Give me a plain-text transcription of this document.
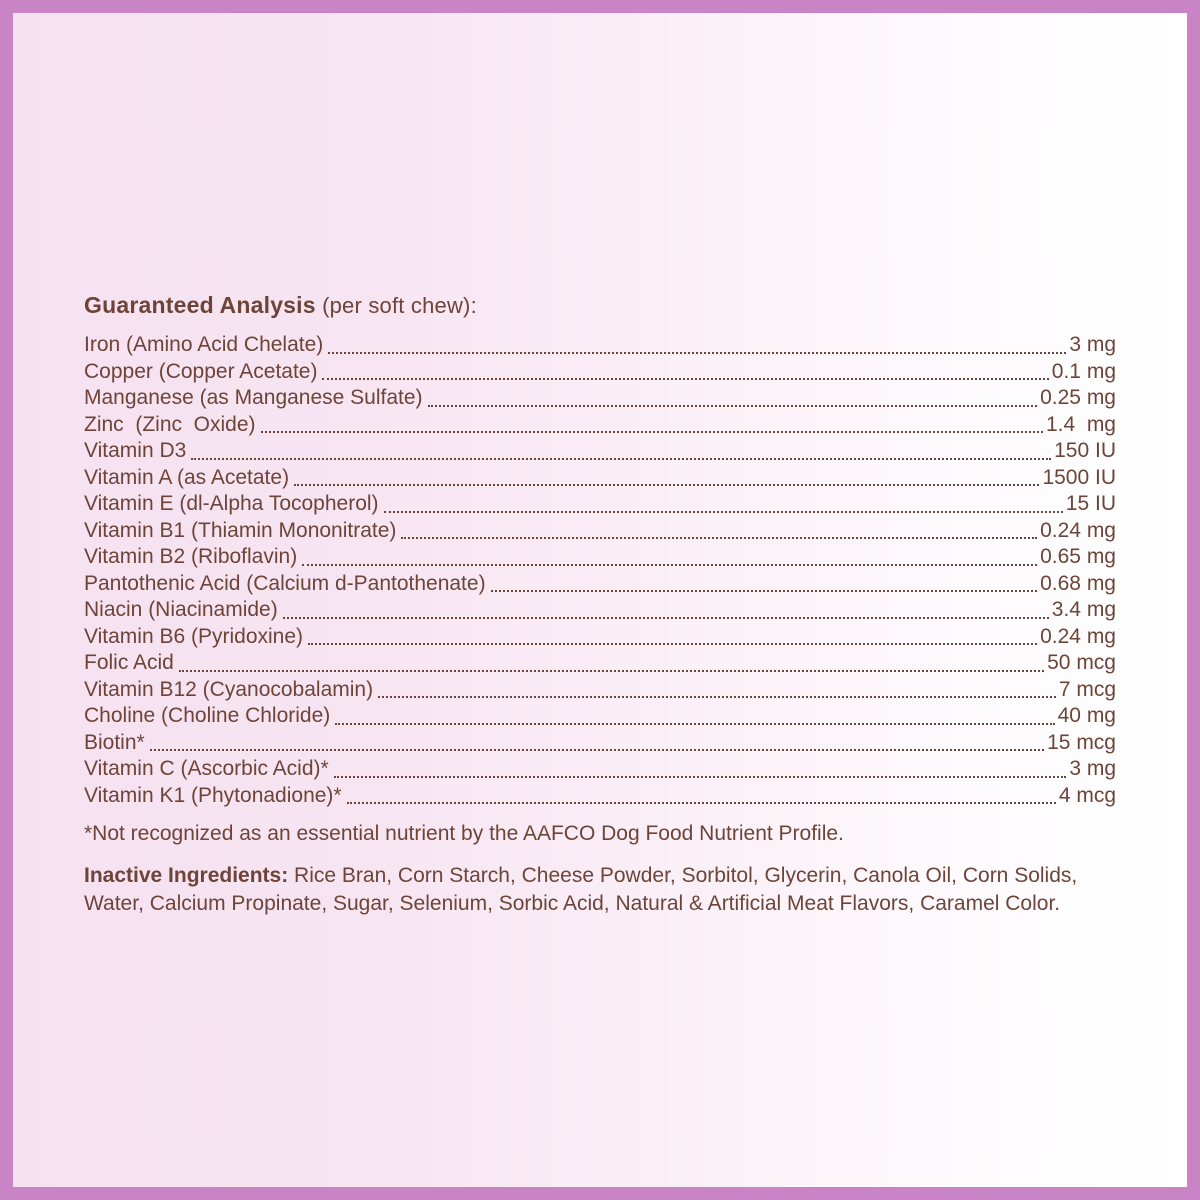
Guaranteed Analysis (per soft chew):
Iron (Amino Acid Chelate)	3 mg
Copper (Copper Acetate)	0.1 mg
Manganese (as Manganese Sulfate)	0.25 mg
Zinc  (Zinc  Oxide)	1.4  mg
Vitamin D3	150 IU
Vitamin A (as Acetate)	1500 IU
Vitamin E (dl-Alpha Tocopherol)	15 IU
Vitamin B1 (Thiamin Mononitrate)	0.24 mg
Vitamin B2 (Riboflavin)	0.65 mg
Pantothenic Acid (Calcium d-Pantothenate)	0.68 mg
Niacin (Niacinamide)	3.4 mg
Vitamin B6 (Pyridoxine)	0.24 mg
Folic Acid	50 mcg
Vitamin B12 (Cyanocobalamin)	7 mcg
Choline (Choline Chloride)	40 mg
Biotin*	15 mcg
Vitamin C (Ascorbic Acid)*	3 mg
Vitamin K1 (Phytonadione)*	4 mcg
*Not recognized as an essential nutrient by the AAFCO Dog Food Nutrient Profile.
Inactive Ingredients: Rice Bran, Corn Starch, Cheese Powder, Sorbitol, Glycerin, Canola Oil, Corn Solids, Water, Calcium Propinate, Sugar, Selenium, Sorbic Acid, Natural & Artificial Meat Flavors, Caramel Color.
